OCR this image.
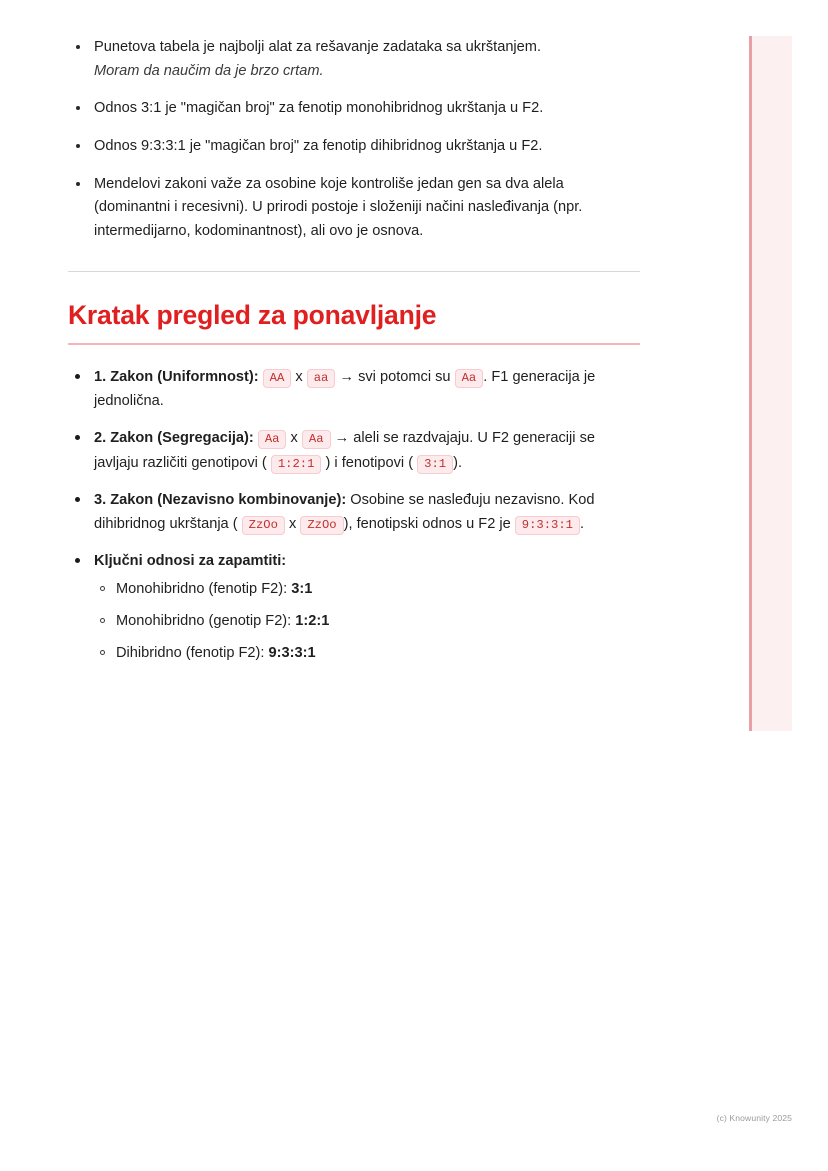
Punetova tabela je najbolji alat za rešavanje zadataka sa ukrštanjem.
Moram da naučim da je brzo crtam.
Odnos 3:1 je "magičan broj" za fenotip monohibridnog ukrštanja u F2.
Odnos 9:3:3:1 je "magičan broj" za fenotip dihibridnog ukrštanja u F2.
Mendelovi zakoni važe za osobine koje kontroliše jedan gen sa dva alela (dominantni i recesivni). U prirodi postoje i složeniji načini nasleđivanja (npr. intermedijarno, kodominantnost), ali ovo je osnova.
Kratak pregled za ponavljanje
1. Zakon (Uniformnost): AA x aa → svi potomci su Aa . F1 generacija je jednolična.
2. Zakon (Segregacija): Aa x Aa → aleli se razdvajaju. U F2 generaciji se javljaju različiti genotipovi ( 1:2:1 ) i fenotipovi ( 3:1 ).
3. Zakon (Nezavisno kombinovanje): Osobine se nasleđuju nezavisno. Kod dihibridnog ukrštanja ( ZzOo x ZzOo ), fenotipski odnos u F2 je 9:3:3:1 .
Ključni odnosi za zapamtiti:
Monohibridno (fenotip F2): 3:1
Monohibridno (genotip F2): 1:2:1
Dihibridno (fenotip F2): 9:3:3:1
(c) Knowunity 2025
